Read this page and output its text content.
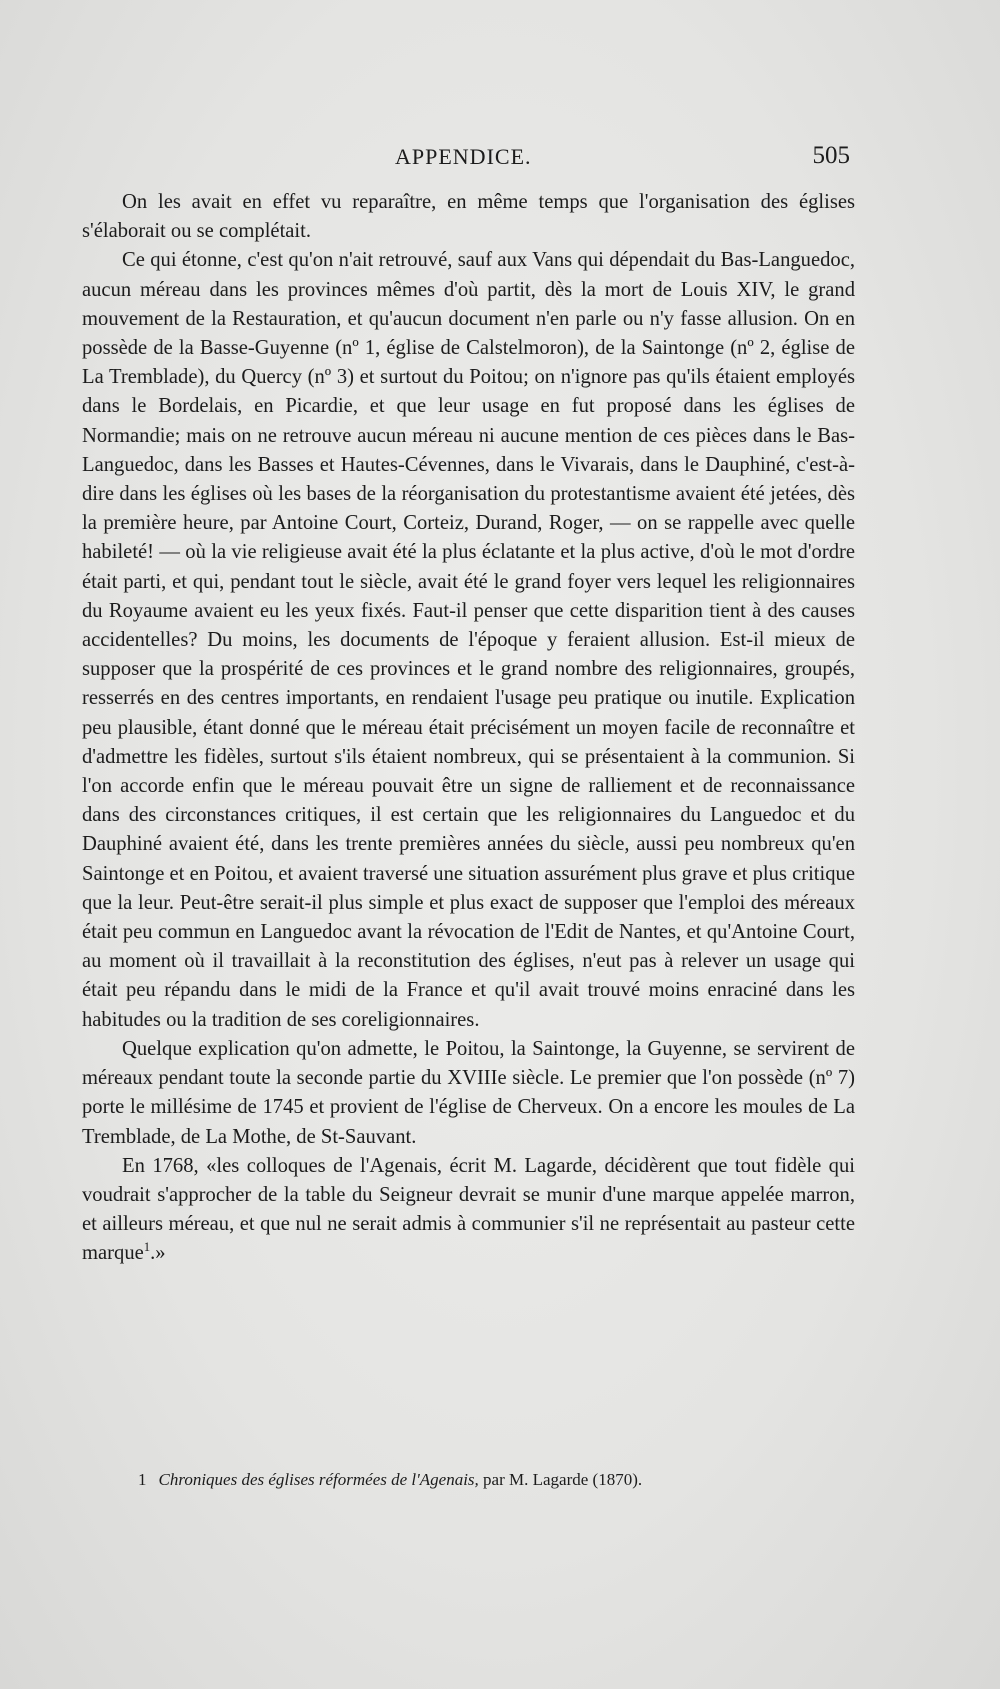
APPENDICE.	505

On les avait en effet vu reparaître, en même temps que l'organisation des églises s'élaborait ou se complétait.

Ce qui étonne, c'est qu'on n'ait retrouvé, sauf aux Vans qui dépendait du Bas-Languedoc, aucun méreau dans les provinces mêmes d'où partit, dès la mort de Louis XIV, le grand mouvement de la Restauration, et qu'aucun document n'en parle ou n'y fasse allusion. On en possède de la Basse-Guyenne (nº 1, église de Calstelmoron), de la Saintonge (nº 2, église de La Tremblade), du Quercy (nº 3) et surtout du Poitou; on n'ignore pas qu'ils étaient employés dans le Bordelais, en Picardie, et que leur usage en fut proposé dans les églises de Normandie; mais on ne retrouve aucun méreau ni aucune mention de ces pièces dans le Bas-Languedoc, dans les Basses et Hautes-Cévennes, dans le Vivarais, dans le Dauphiné, c'est-à-dire dans les églises où les bases de la réorganisation du protestantisme avaient été jetées, dès la première heure, par Antoine Court, Corteiz, Durand, Roger, — on se rappelle avec quelle habileté! — où la vie religieuse avait été la plus éclatante et la plus active, d'où le mot d'ordre était parti, et qui, pendant tout le siècle, avait été le grand foyer vers lequel les religionnaires du Royaume avaient eu les yeux fixés. Faut-il penser que cette disparition tient à des causes accidentelles? Du moins, les documents de l'époque y feraient allusion. Est-il mieux de supposer que la prospérité de ces provinces et le grand nombre des religionnaires, groupés, resserrés en des centres importants, en rendaient l'usage peu pratique ou inutile. Explication peu plausible, étant donné que le méreau était précisément un moyen facile de reconnaître et d'admettre les fidèles, surtout s'ils étaient nombreux, qui se présentaient à la communion. Si l'on accorde enfin que le méreau pouvait être un signe de ralliement et de reconnaissance dans des circonstances critiques, il est certain que les religionnaires du Languedoc et du Dauphiné avaient été, dans les trente premières années du siècle, aussi peu nombreux qu'en Saintonge et en Poitou, et avaient traversé une situation assurément plus grave et plus critique que la leur. Peut-être serait-il plus simple et plus exact de supposer que l'emploi des méreaux était peu commun en Languedoc avant la révocation de l'Edit de Nantes, et qu'Antoine Court, au moment où il travaillait à la reconstitution des églises, n'eut pas à relever un usage qui était peu répandu dans le midi de la France et qu'il avait trouvé moins enraciné dans les habitudes ou la tradition de ses coreligionnaires.

Quelque explication qu'on admette, le Poitou, la Saintonge, la Guyenne, se servirent de méreaux pendant toute la seconde partie du XVIIIe siècle. Le premier que l'on possède (nº 7) porte le millésime de 1745 et provient de l'église de Cherveux. On a encore les moules de La Tremblade, de La Mothe, de St-Sauvant.

En 1768, «les colloques de l'Agenais, écrit M. Lagarde, décidèrent que tout fidèle qui voudrait s'approcher de la table du Seigneur devrait se munir d'une marque appelée marron, et ailleurs méreau, et que nul ne serait admis à communier s'il ne représentait au pasteur cette marque$^1$.»

1 Chroniques des églises réformées de l'Agenais, par M. Lagarde (1870).
